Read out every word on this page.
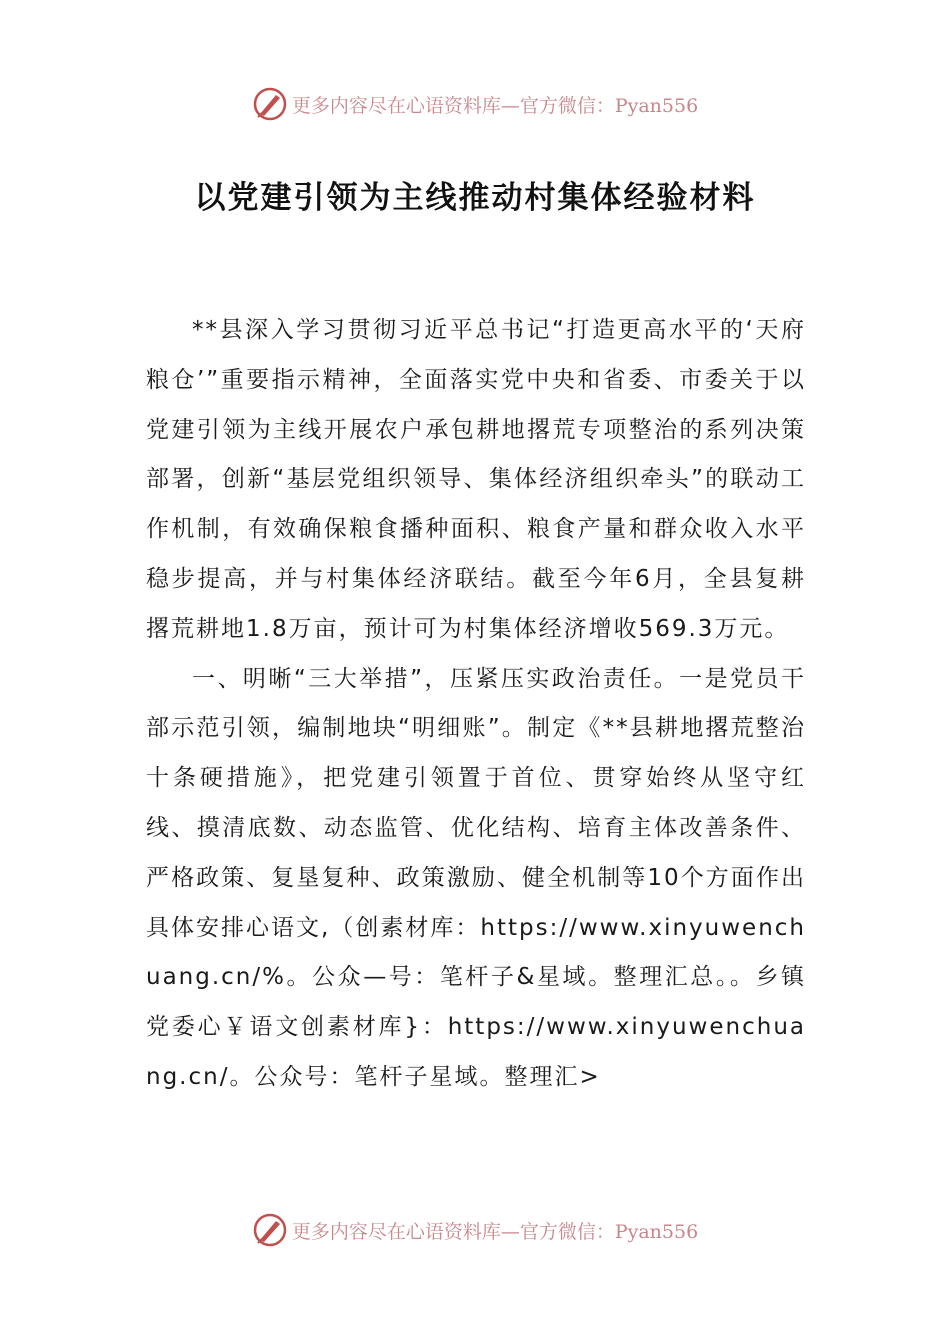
更多内容尽在心语资料库—官方微信：Pyan556
以党建引领为主线推动村集体经验材料

**县深入学习贯彻习近平总书记“打造更高水平的‘天府粮仓’”重要指示精神，全面落实党中央和省委、市委关于以党建引领为主线开展农户承包耕地撂荒专项整治的系列决策部署，创新“基层党组织领导、集体经济组织牵头”的联动工作机制，有效确保粮食播种面积、粮食产量和群众收入水平稳步提高，并与村集体经济联结。截至今年6月，全县复耕撂荒耕地1.8万亩，预计可为村集体经济增收569.3万元。

一、明晰“三大举措”，压紧压实政治责任。一是党员干部示范引领，编制地块“明细账”。制定《**县耕地撂荒整治十条硬措施》，把党建引领置于首位、贯穿始终从坚守红线、摸清底数、动态监管、优化结构、培育主体改善条件、严格政策、复垦复种、政策激励、健全机制等10个方面作出具体安排心语文,（创素材库：https://www.xinyuwenchuang.cn/%。公众—号：笔杆子&星域。整理汇总。。乡镇党委心￥语文创素材库}：https://www.xinyuwenchuang.cn/。公众号：笔杆子星域。整理汇>

更多内容尽在心语资料库—官方微信：Pyan556
